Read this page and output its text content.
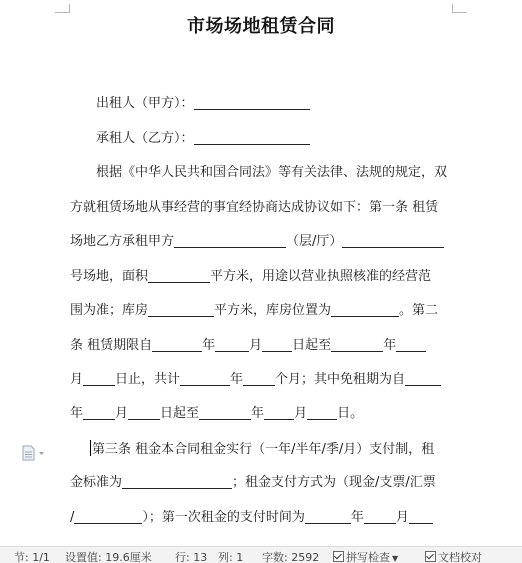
市场场地租赁合同
出租人（甲方）：
承租人（乙方）：
根据《中华人民共和国合同法》等有关法律、法规的规定，双
方就租赁场地从事经营的事宜经协商达成协议如下：第一条 租赁
场地乙方承租甲方	（层/厅）
号场地，面积	平方米，用途以营业执照核准的经营范
围为准；库房	平方米，库房位置为	。第二
条 租赁期限自	年	月 日起至	年
月 日止，共计	年 个月；其中免租期为自
年 月 日起至	年 月 日。
第三条 租金本合同租金实行（一年/半年/季/月）支付制，租
金标准为	；租金支付方式为（现金/支票/汇票
/	）；第一次租金的支付时间为	年 月
节: 1/1 设置值: 19.6厘米 行: 13 列: 1 字数: 2592	拼写检查 ▼	文档校对
